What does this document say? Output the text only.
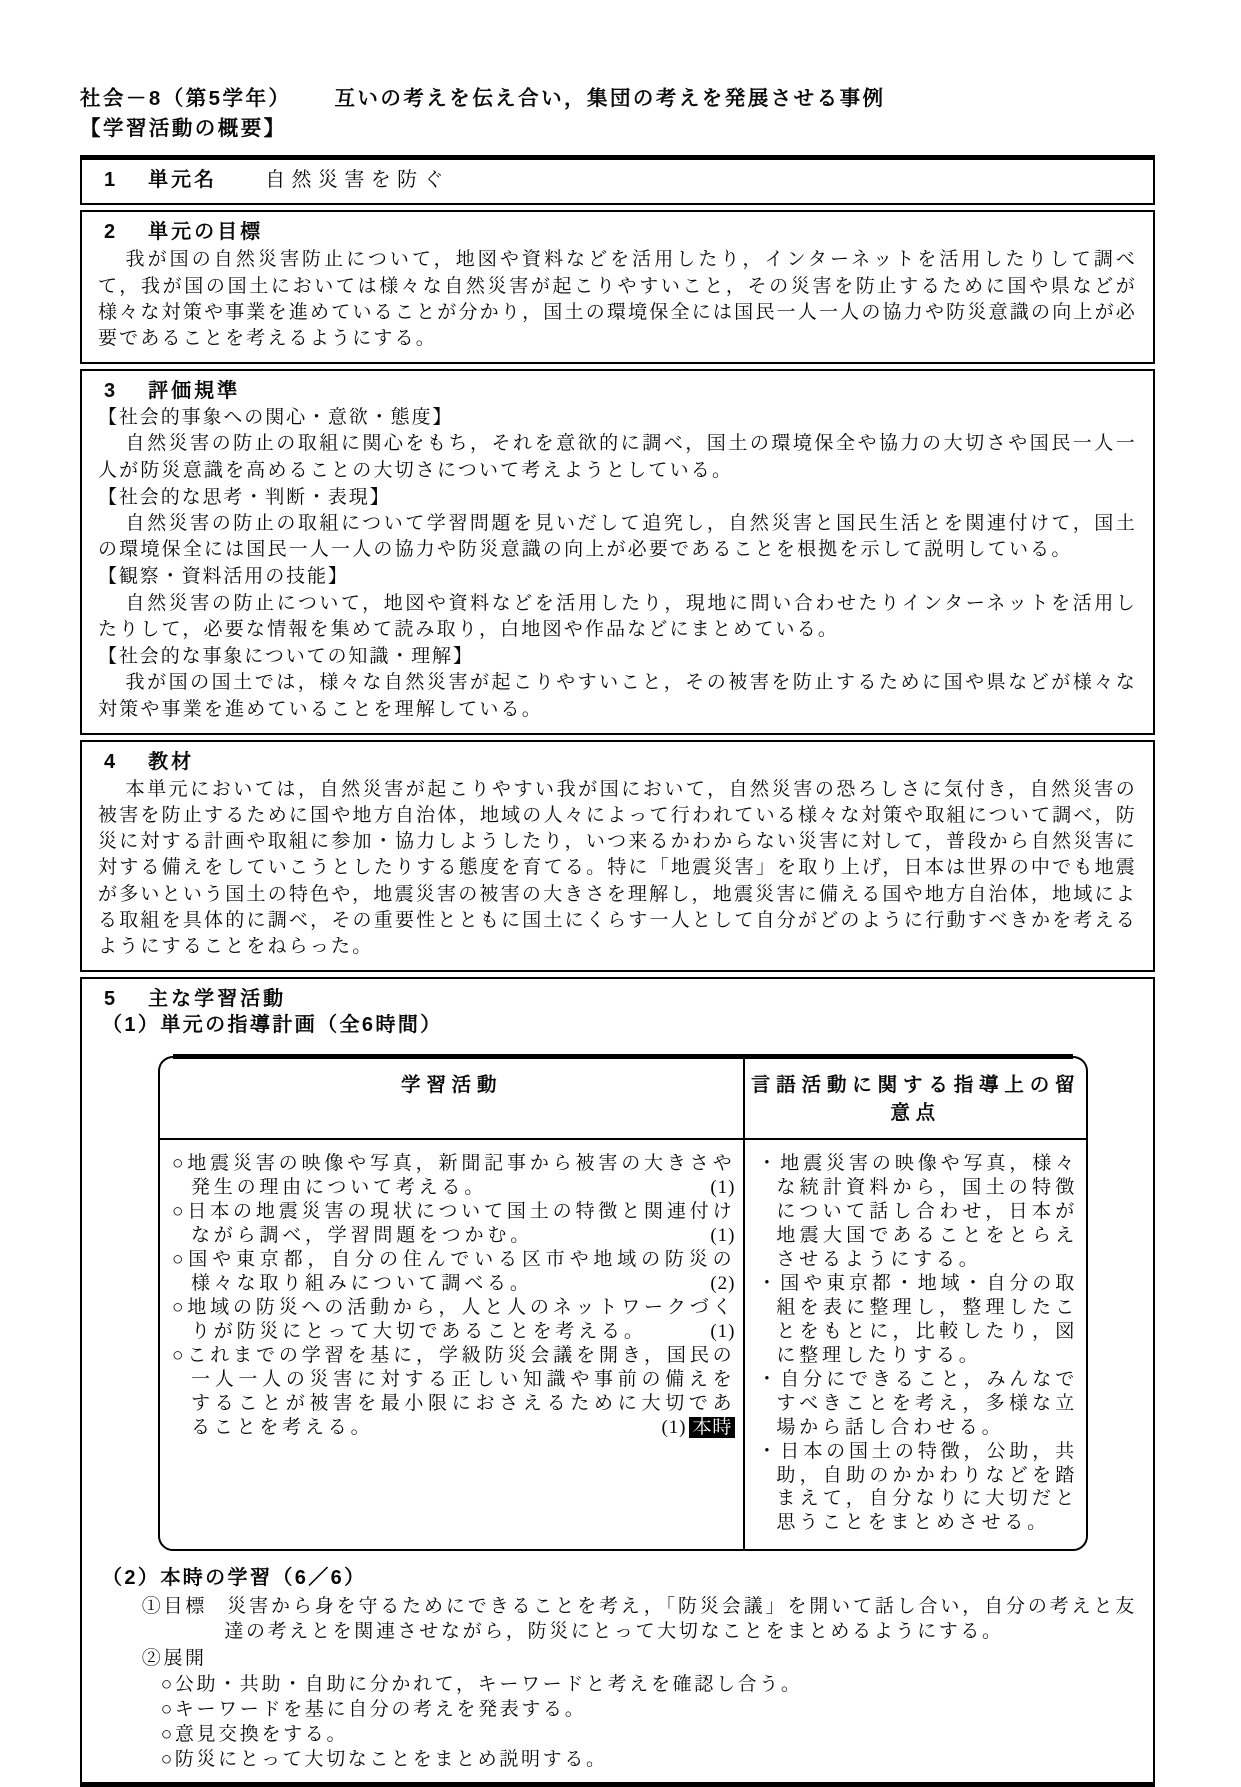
社会－8（第5学年） 互いの考えを伝え合い，集団の考えを発展させる事例
【学習活動の概要】
1 単元名 自然災害を防ぐ
2 単元の目標

我が国の自然災害防止について，地図や資料などを活用したり，インターネットを活用したりして調べて，我が国の国土においては様々な自然災害が起こりやすいこと，その災害を防止するために国や県などが様々な対策や事業を進めていることが分かり，国土の環境保全には国民一人一人の協力や防災意識の向上が必要であることを考えるようにする。

3 評価規準
【社会的事象への関心・意欲・態度】

自然災害の防止の取組に関心をもち，それを意欲的に調べ，国土の環境保全や協力の大切さや国民一人一人が防災意識を高めることの大切さについて考えようとしている。

【社会的な思考・判断・表現】

自然災害の防止の取組について学習問題を見いだして追究し，自然災害と国民生活とを関連付けて，国土の環境保全には国民一人一人の協力や防災意識の向上が必要であることを根拠を示して説明している。

【観察・資料活用の技能】

自然災害の防止について，地図や資料などを活用したり，現地に問い合わせたりインターネットを活用したりして，必要な情報を集めて読み取り，白地図や作品などにまとめている。

【社会的な事象についての知識・理解】

我が国の国土では，様々な自然災害が起こりやすいこと，その被害を防止するために国や県などが様々な対策や事業を進めていることを理解している。

4 教材

本単元においては，自然災害が起こりやすい我が国において，自然災害の恐ろしさに気付き，自然災害の被害を防止するために国や地方自治体，地域の人々によって行われている様々な対策や取組について調べ，防災に対する計画や取組に参加・協力しようしたり，いつ来るかわからない災害に対して，普段から自然災害に対する備えをしていこうとしたりする態度を育てる。特に「地震災害」を取り上げ，日本は世界の中でも地震が多いという国土の特色や，地震災害の被害の大きさを理解し，地震災害に備える国や地方自治体，地域による取組を具体的に調べ，その重要性とともに国土にくらす一人として自分がどのように行動すべきかを考えるようにすることをねらった。

5 主な学習活動
（1）単元の指導計画（全6時間）
学習活動	言語活動に関する指導上の留意点
○地震災害の映像や写真，新聞記事から被害の大きさや発生の理由について考える。	(1)
○日本の地震災害の現状について国土の特徴と関連付けながら調べ，学習問題をつかむ。	(1)
○国や東京都，自分の住んでいる区市や地域の防災の様々な取り組みについて調べる。	(2)
○地域の防災への活動から，人と人のネットワークづくりが防災にとって大切であることを考える。	(1)
○これまでの学習を基に，学級防災会議を開き，国民の一人一人の災害に対する正しい知識や事前の備えをすることが被害を最小限におさえるために大切であることを考える。	(1) 本時
・地震災害の映像や写真，様々な統計資料から，国土の特徴について話し合わせ，日本が地震大国であることをとらえさせるようにする。
・国や東京都・地域・自分の取組を表に整理し，整理したことをもとに，比較したり，図に整理したりする。
・自分にできること，みんなですべきことを考え，多様な立場から話し合わせる。
・日本の国土の特徴，公助，共助，自助のかかわりなどを踏まえて，自分なりに大切だと思うことをまとめさせる。
（2）本時の学習（6／6）
①目標 災害から身を守るためにできることを考え，「防災会議」を開いて話し合い，自分の考えと友達の考えとを関連させながら，防災にとって大切なことをまとめるようにする。
②展開
○公助・共助・自助に分かれて，キーワードと考えを確認し合う。
○キーワードを基に自分の考えを発表する。
○意見交換をする。
○防災にとって大切なことをまとめ説明する。
